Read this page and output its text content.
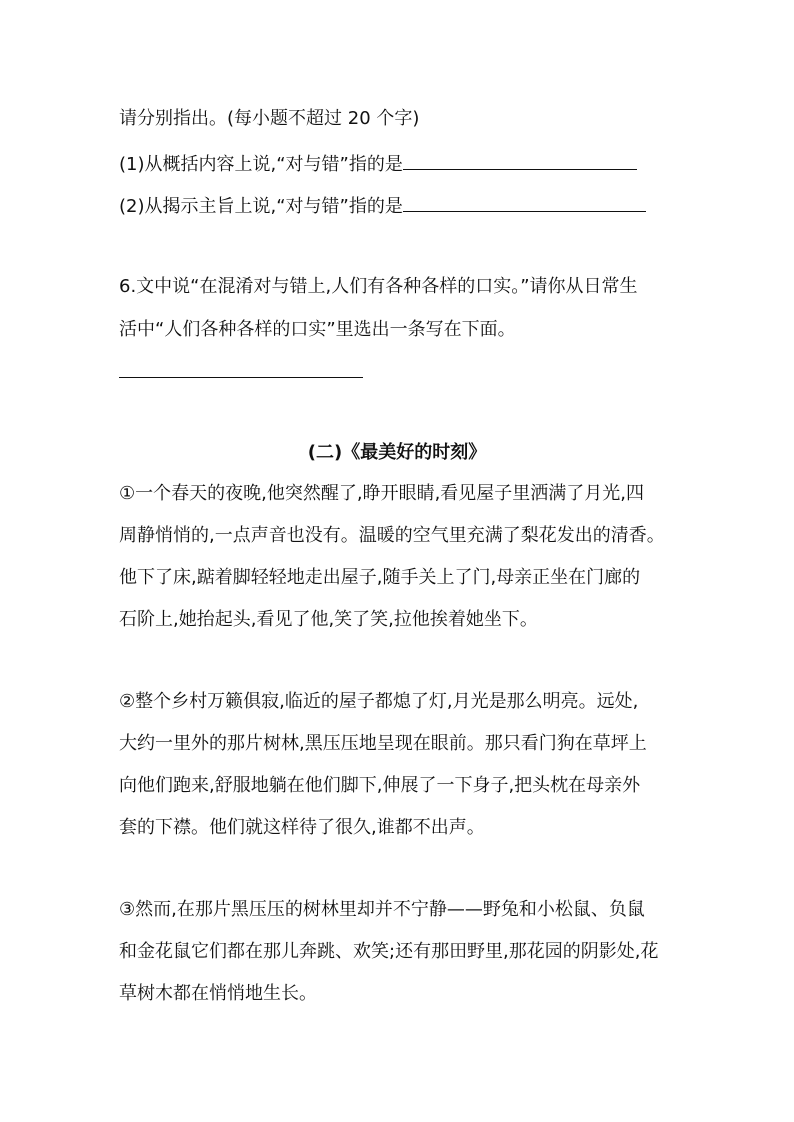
请分别指出。(每小题不超过 20 个字)
(1)从概括内容上说,“对与错”指的是
(2)从揭示主旨上说,“对与错”指的是
6.文中说“在混淆对与错上,人们有各种各样的口实。”请你从日常生
活中“人们各种各样的口实”里选出一条写在下面。
(二)《最美好的时刻》
①一个春天的夜晚,他突然醒了,睁开眼睛,看见屋子里洒满了月光,四
周静悄悄的,一点声音也没有。温暖的空气里充满了梨花发出的清香。
他下了床,踮着脚轻轻地走出屋子,随手关上了门,母亲正坐在门廊的
石阶上,她抬起头,看见了他,笑了笑,拉他挨着她坐下。
②整个乡村万籁俱寂,临近的屋子都熄了灯,月光是那么明亮。远处,
大约一里外的那片树林,黑压压地呈现在眼前。那只看门狗在草坪上
向他们跑来,舒服地躺在他们脚下,伸展了一下身子,把头枕在母亲外
套的下襟。他们就这样待了很久,谁都不出声。
③然而,在那片黑压压的树林里却并不宁静——野兔和小松鼠、负鼠
和金花鼠它们都在那儿奔跳、欢笑;还有那田野里,那花园的阴影处,花
草树木都在悄悄地生长。
